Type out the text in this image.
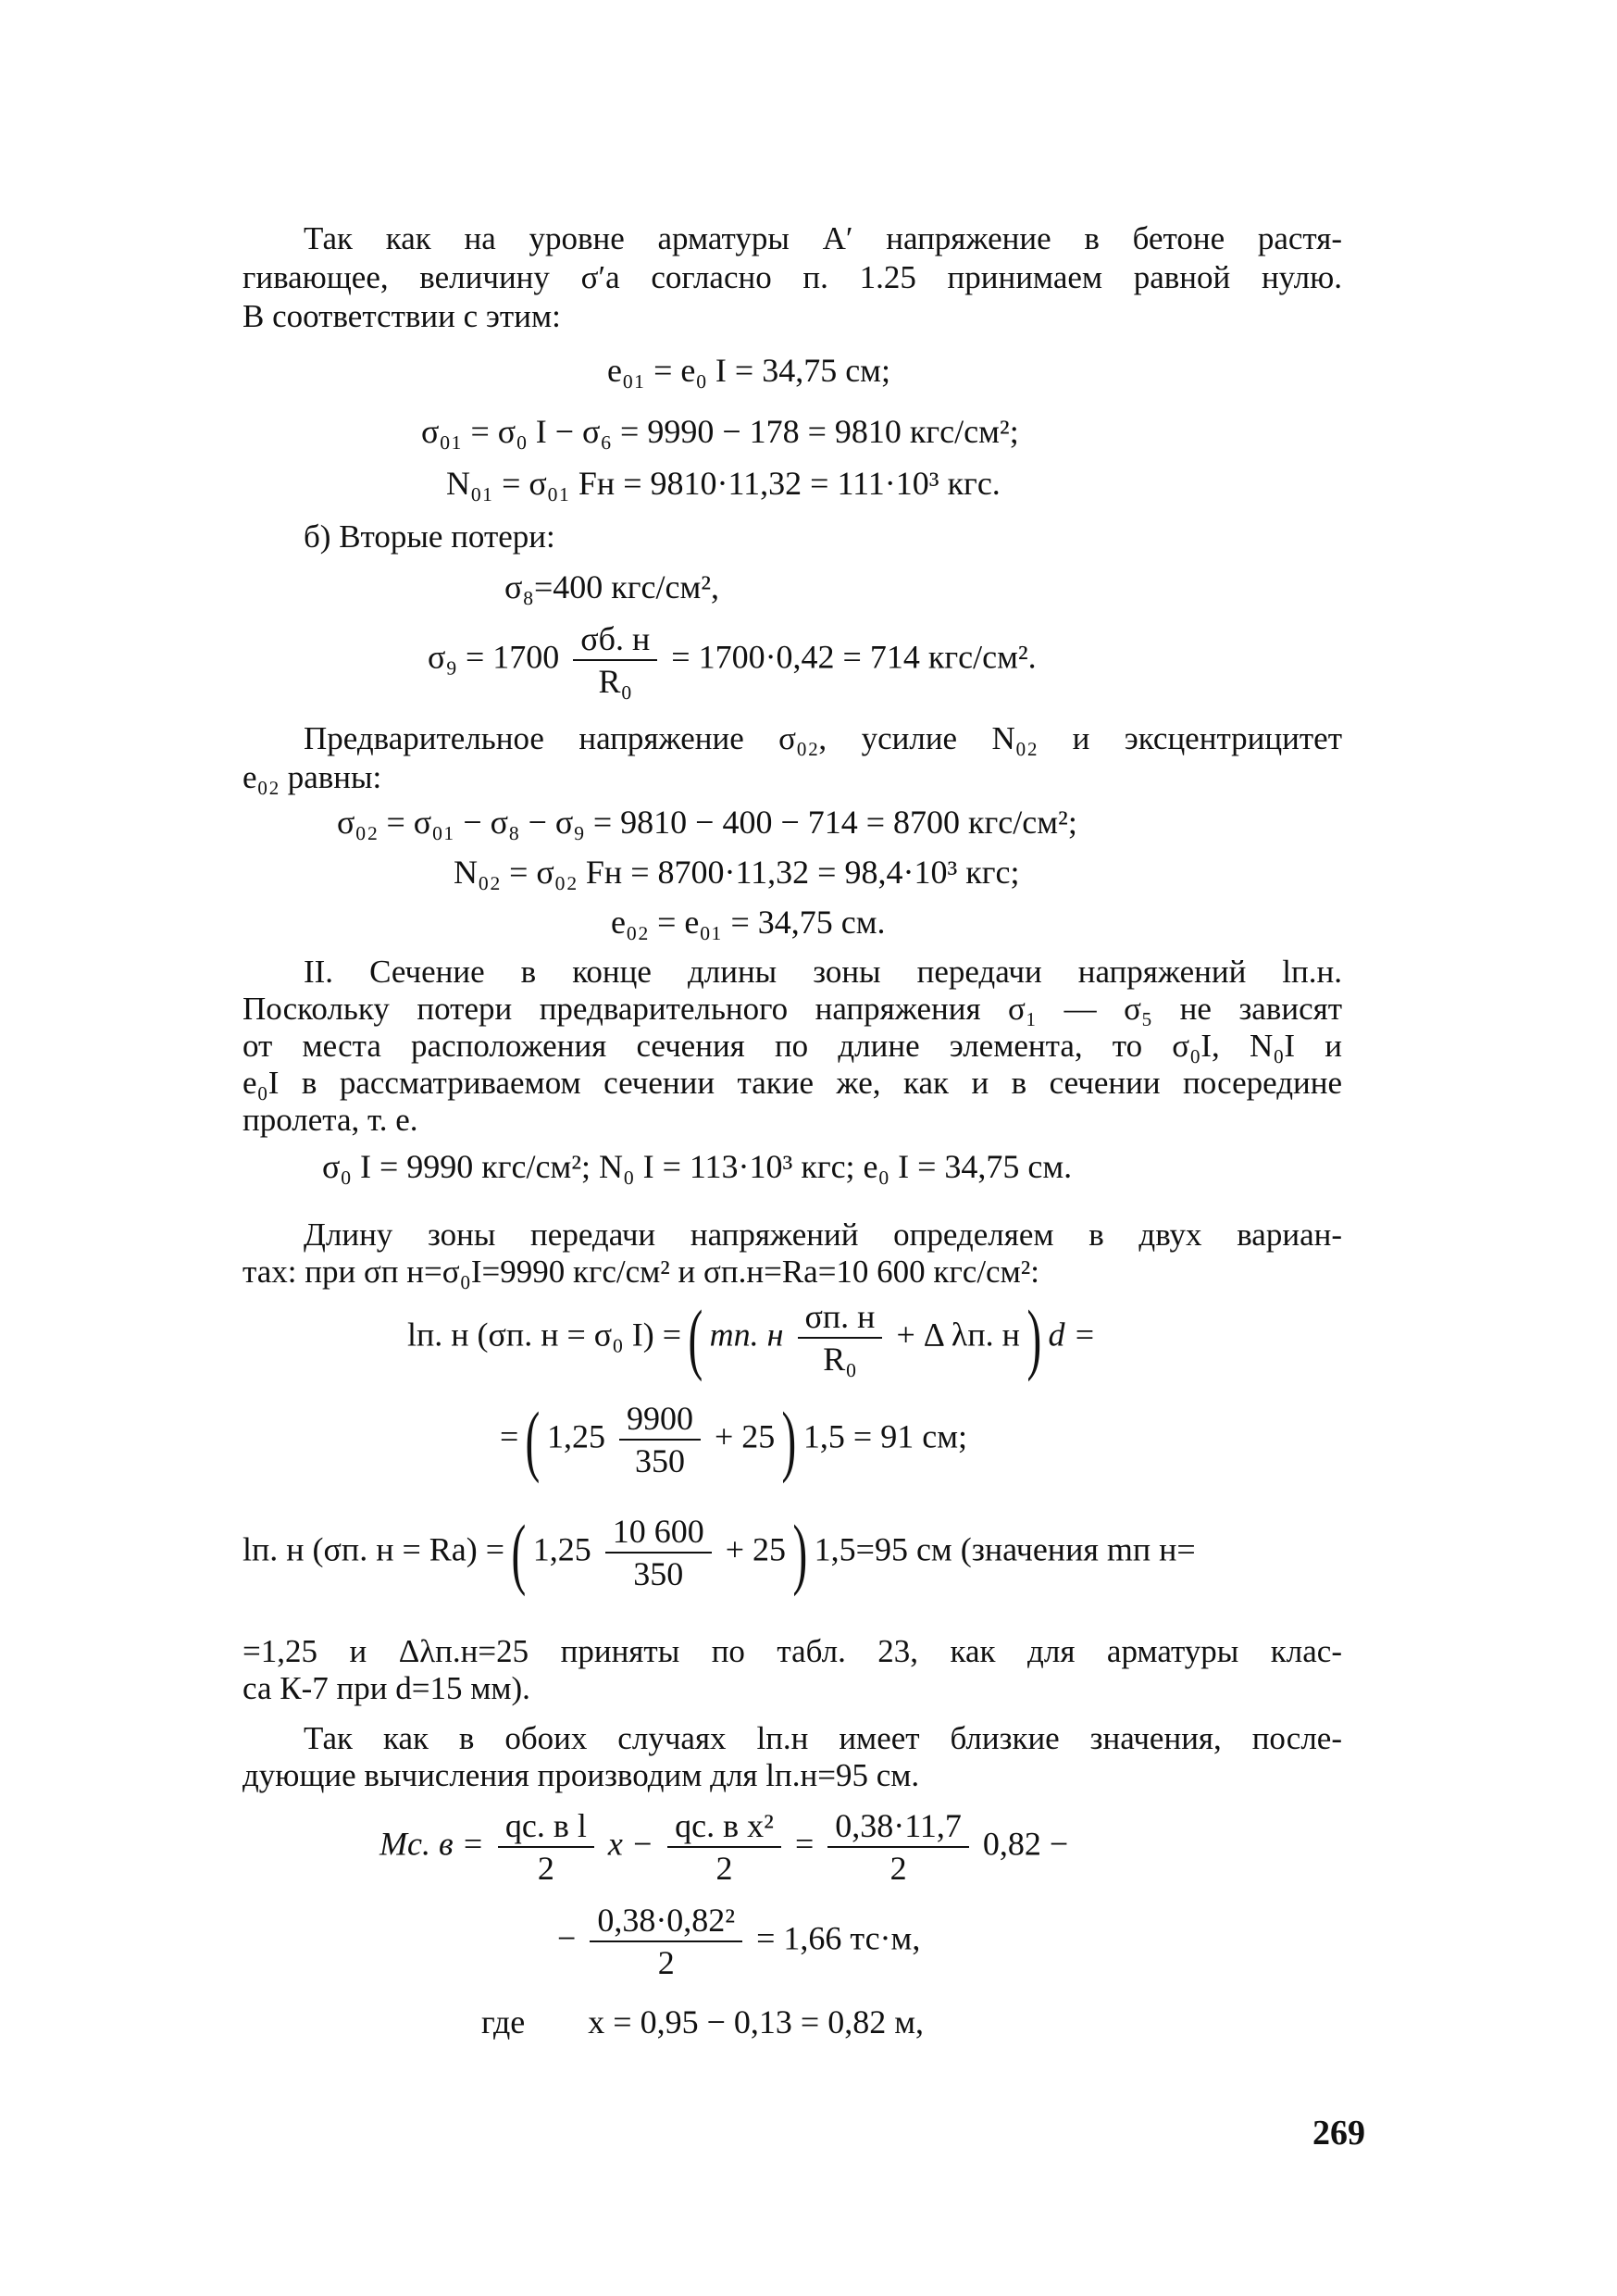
Так как на уровне арматуры A′ напряжение в бетоне растя-

гивающее, величину σ′а согласно п. 1.25 принимаем равной нулю.

В соответствии с этим:

e₀₁ = e₀ I = 34,75 см;
σ₀₁ = σ₀ I − σ₆ = 9990 − 178 = 9810 кгс/см²;
N₀₁ = σ₀₁ Fн = 9810·11,32 = 111·10³ кгс.

б) Вторые потери:

σ₈=400 кгс/см²,
$\sigma_9 = 1700 \frac{\sigma б. н}{\text{R₀}} = 1700\cdot 0,42 = 714$ кгс/см².

Предварительное напряжение σ₀₂, усилие N₀₂ и эксцентрицитет

e₀₂ равны:

σ₀₂ = σ₀₁ − σ₈ − σ₉ = 9810 − 400 − 714 = 8700 кгс/см²;
N₀₂ = σ₀₂ Fн = 8700·11,32 = 98,4·10³ кгс;
e₀₂ = e₀₁ = 34,75 см.

II. Сечение в конце длины зоны передачи напряжений lп.н.

Поскольку потери предварительного напряжения σ₁ — σ₅ не зависят

от места расположения сечения по длине элемента, то σ₀I, N₀I и

e₀I в рассматриваемом сечении такие же, как и в сечении посередине

пролета, т. е.

σ₀ I = 9990 кгс/см²; N₀ I = 113·10³ кгс; e₀ I = 34,75 см.

Длину зоны передачи напряжений определяем в двух вариан-

тах: при σп н=σ₀I=9990 кгс/см² и σп.н=Rа=10 600 кгс/см²:

lп. н (σп. н = σ₀ I) = ( mп. н $\frac{\sigma п. н}{\text{R₀}} + \Delta$ λп. н ) d =
= ( $1,25 \frac{9900}{350} + 25$ ) 1,5 = 91 см;
lп. н (σп. н = Rа) = ( $1,25 \frac{10 600}{350} + 25$ ) 1,5=95 см (значения mп н=

=1,25 и Δλп.н=25 приняты по табл. 23, как для арматуры клас-

са К-7 при d=15 мм).

Так как в обоих случаях lп.н имеет близкие значения, после-

дующие вычисления производим для lп.н=95 см.

Mс. $в = \frac{\text{qс. в l}}{2}$ $x - \frac{\text{qс. в x²}}{2} = \frac{0,38\cdot 11,7}{2} 0,82$ −
− $\frac{\text{0,38·0,82²}}{2} = 1,66$ тс·м,
где x = 0,95 − 0,13 = 0,82 м,
269
